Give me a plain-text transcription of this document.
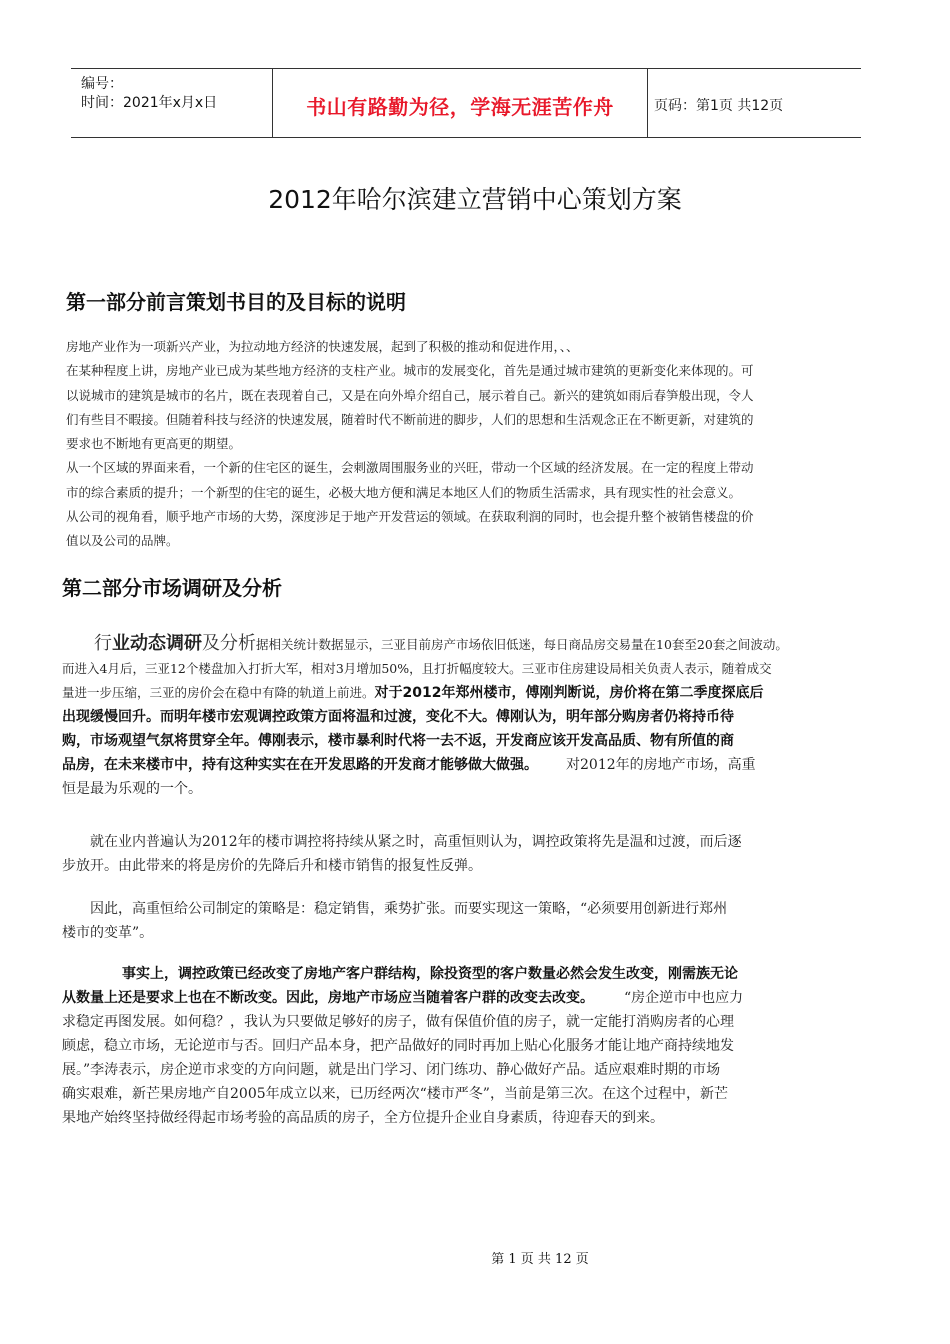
编号：
时间：2021年x月x日	书山有路勤为径，学海无涯苦作舟	页码：第1页 共12页
2012年哈尔滨建立营销中心策划方案
第一部分前言策划书目的及目标的说明
房地产业作为一项新兴产业，为拉动地方经济的快速发展，起到了积极的推动和促进作用，、、
在某种程度上讲，房地产业已成为某些地方经济的支柱产业。城市的发展变化，首先是通过城市建筑的更新变化来体现的。可
以说城市的建筑是城市的名片，既在表现着自己，又是在向外埠介绍自己，展示着自己。新兴的建筑如雨后春笋般出现，令人
们有些目不暇接。但随着科技与经济的快速发展，随着时代不断前进的脚步，人们的思想和生活观念正在不断更新，对建筑的
要求也不断地有更高更的期望。
从一个区域的界面来看，一个新的住宅区的诞生，会刺激周围服务业的兴旺，带动一个区域的经济发展。在一定的程度上带动
市的综合素质的提升；一个新型的住宅的诞生，必极大地方便和满足本地区人们的物质生活需求，具有现实性的社会意义。
从公司的视角看，顺乎地产市场的大势，深度涉足于地产开发营运的领域。在获取利润的同时，也会提升整个被销售楼盘的价
值以及公司的品牌。
第二部分市场调研及分析
行业动态调研及分析据相关统计数据显示，三亚目前房产市场依旧低迷，每日商品房交易量在10套至20套之间波动。
而进入4月后，三亚12个楼盘加入打折大军，相对3月增加50%，且打折幅度较大。三亚市住房建设局相关负责人表示，随着成交
量进一步压缩，三亚的房价会在稳中有降的轨道上前进。对于2012年郑州楼市，傅刚判断说，房价将在第二季度探底后
出现缓慢回升。而明年楼市宏观调控政策方面将温和过渡，变化不大。傅刚认为，明年部分购房者仍将持币待
购，市场观望气氛将贯穿全年。傅刚表示，楼市暴利时代将一去不返，开发商应该开发高品质、物有所值的商
品房，在未来楼市中，持有这种实实在在开发思路的开发商才能够做大做强。 对2012年的房地产市场，高重
恒是最为乐观的一个。
就在业内普遍认为2012年的楼市调控将持续从紧之时，高重恒则认为，调控政策将先是温和过渡，而后逐
步放开。由此带来的将是房价的先降后升和楼市销售的报复性反弹。
因此，高重恒给公司制定的策略是：稳定销售，乘势扩张。而要实现这一策略，“必须要用创新进行郑州
楼市的变革”。
事实上，调控政策已经改变了房地产客户群结构，除投资型的客户数量必然会发生改变，刚需族无论
从数量上还是要求上也在不断改变。因此，房地产市场应当随着客户群的改变去改变。 “房企逆市中也应力
求稳定再图发展。如何稳？，我认为只要做足够好的房子，做有保值价值的房子，就一定能打消购房者的心理
顾虑，稳立市场，无论逆市与否。回归产品本身，把产品做好的同时再加上贴心化服务才能让地产商持续地发
展。”李涛表示，房企逆市求变的方向问题，就是出门学习、闭门练功、静心做好产品。适应艰难时期的市场
确实艰难，新芒果房地产自2005年成立以来，已历经两次“楼市严冬”，当前是第三次。在这个过程中，新芒
果地产始终坚持做经得起市场考验的高品质的房子，全方位提升企业自身素质，待迎春天的到来。
第 1 页 共 12 页
